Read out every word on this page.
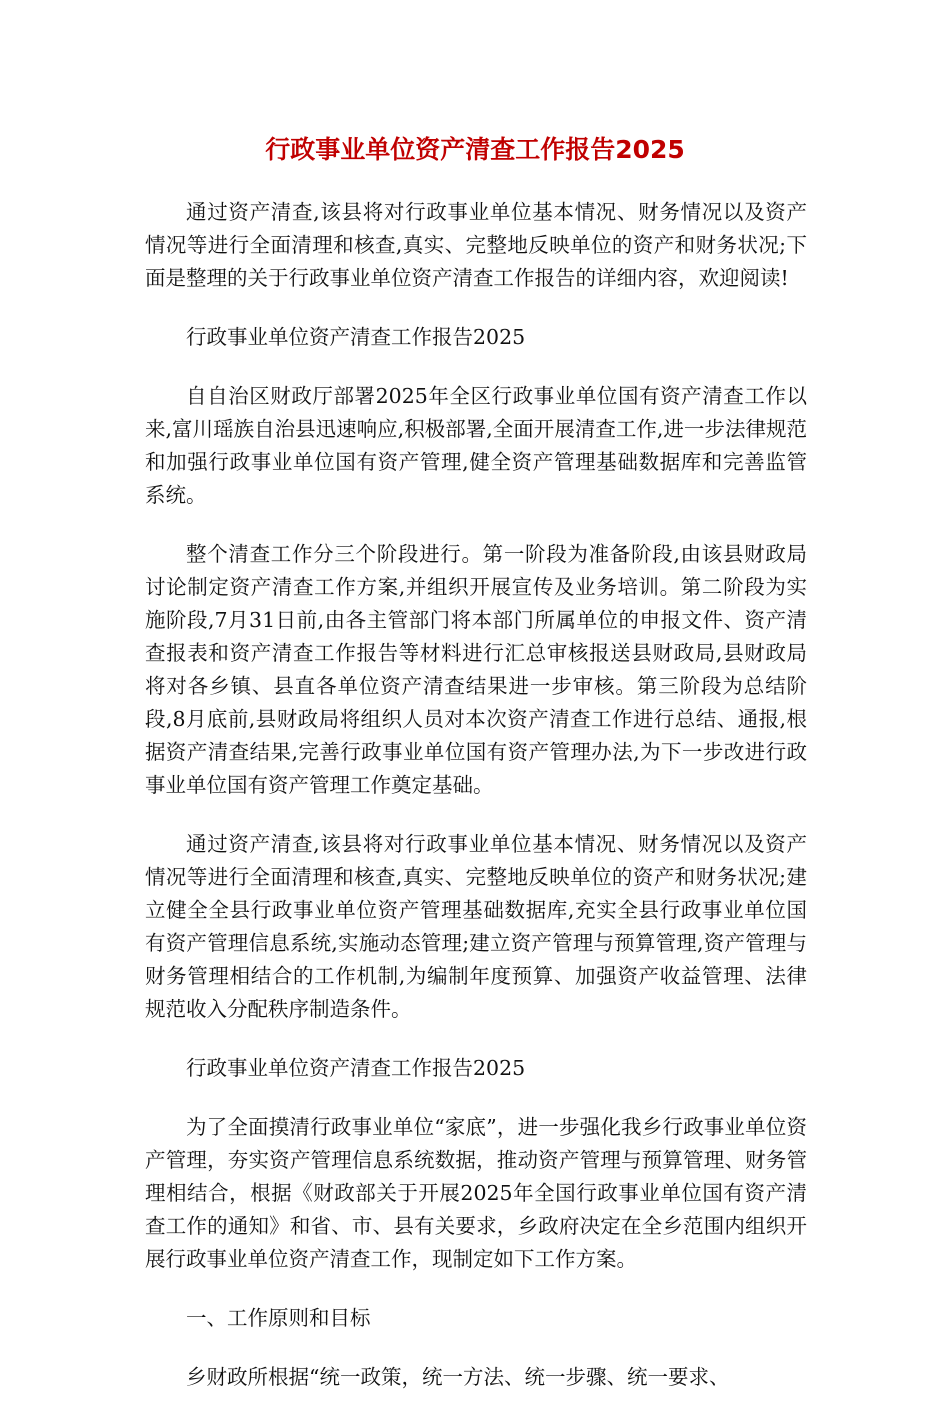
行政事业单位资产清查工作报告2025

通过资产清查,该县将对行政事业单位基本情况、财务情况以及资产情况等进行全面清理和核查,真实、完整地反映单位的资产和财务状况;下面是整理的关于行政事业单位资产清查工作报告的详细内容，欢迎阅读!

行政事业单位资产清查工作报告2025

自自治区财政厅部署2025年全区行政事业单位国有资产清查工作以来,富川瑶族自治县迅速响应,积极部署,全面开展清查工作,进一步法律规范和加强行政事业单位国有资产管理,健全资产管理基础数据库和完善监管系统。

整个清查工作分三个阶段进行。第一阶段为准备阶段,由该县财政局讨论制定资产清查工作方案,并组织开展宣传及业务培训。第二阶段为实施阶段,7月31日前,由各主管部门将本部门所属单位的申报文件、资产清查报表和资产清查工作报告等材料进行汇总审核报送县财政局,县财政局将对各乡镇、县直各单位资产清查结果进一步审核。第三阶段为总结阶段,8月底前,县财政局将组织人员对本次资产清查工作进行总结、通报,根据资产清查结果,完善行政事业单位国有资产管理办法,为下一步改进行政事业单位国有资产管理工作奠定基础。

通过资产清查,该县将对行政事业单位基本情况、财务情况以及资产情况等进行全面清理和核查,真实、完整地反映单位的资产和财务状况;建立健全全县行政事业单位资产管理基础数据库,充实全县行政事业单位国有资产管理信息系统,实施动态管理;建立资产管理与预算管理,资产管理与财务管理相结合的工作机制,为编制年度预算、加强资产收益管理、法律规范收入分配秩序制造条件。

行政事业单位资产清查工作报告2025

为了全面摸清行政事业单位“家底”，进一步强化我乡行政事业单位资产管理，夯实资产管理信息系统数据，推动资产管理与预算管理、财务管理相结合，根据《财政部关于开展2025年全国行政事业单位国有资产清查工作的通知》和省、市、县有关要求，乡政府决定在全乡范围内组织开展行政事业单位资产清查工作，现制定如下工作方案。

一、工作原则和目标

乡财政所根据“统一政策，统一方法、统一步骤、统一要求、
